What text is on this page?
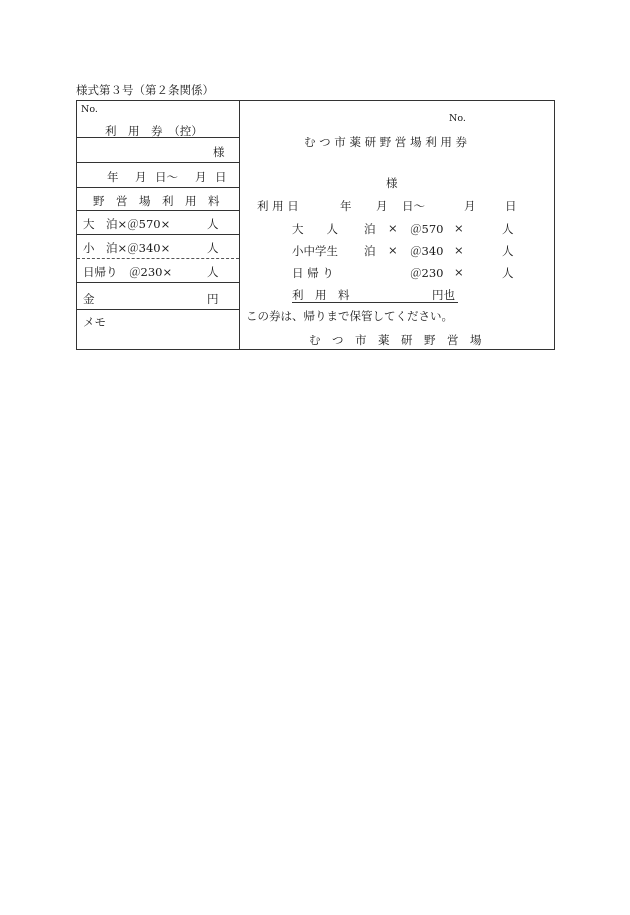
様式第３号（第２条関係）
No.
利　用　券　（控）
様
年 月 日〜 月 日
野　営　場　利　用　料
大　泊×＠570×	人
小　泊×＠340×	人
日帰り　＠230×	人
金	円
メモ
No.
む つ 市 薬 研 野 営 場 利 用 券
様
利 用 日	年 月 日〜	月	日
大　　人 泊 × ＠570 ×	人
小中学生 泊 × ＠340 ×	人
日 帰 り	＠230 ×	人
利　用　料	円也
この券は、帰りまで保管してください。
む　つ　市　薬　研　野　営　場
